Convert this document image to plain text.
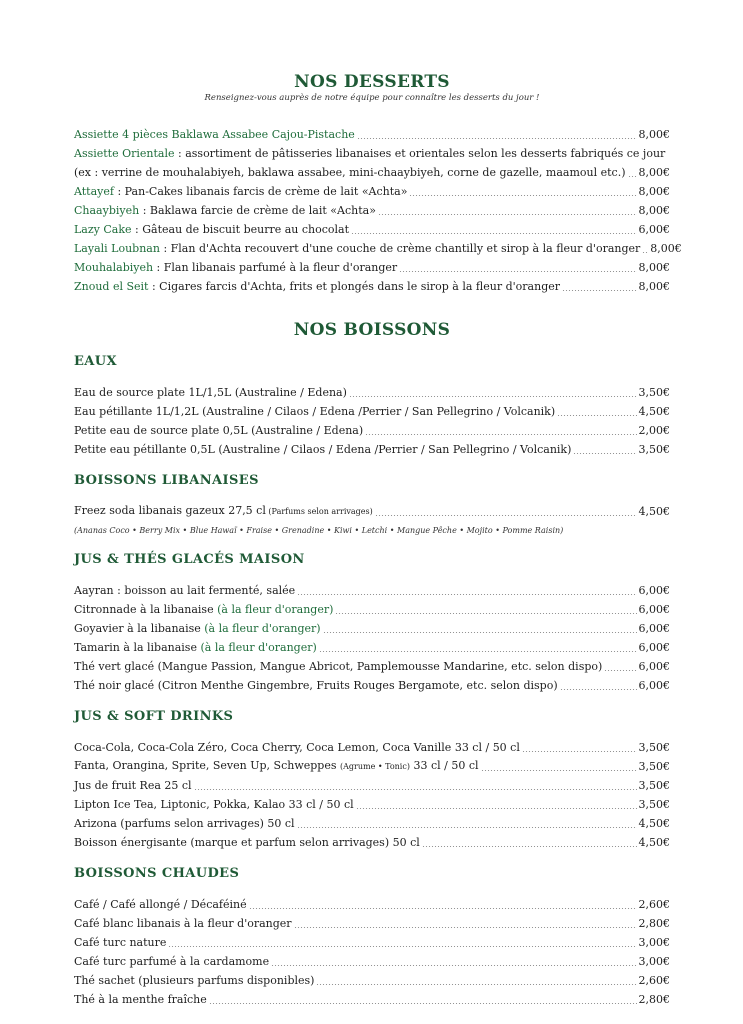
NOS DESSERTS

Renseignez-vous auprès de notre équipe pour connaître les desserts du jour !

Assiette 4 pièces Baklawa Assabee Cajou-Pistache	8,00€
Assiette Orientale : assortiment de pâtisseries libanaises et orientales selon les desserts fabriqués ce jour
(ex : verrine de mouhalabiyeh, baklawa assabee, mini-chaaybiyeh, corne de gazelle, maamoul etc.) 8,00€
Attayef : Pan-Cakes libanais farcis de crème de lait «Achta»	8,00€
Chaaybiyeh : Baklawa farcie de crème de lait «Achta»	8,00€
Lazy Cake : Gâteau de biscuit beurre au chocolat	6,00€
Layali Loubnan : Flan d'Achta recouvert d'une couche de crème chantilly et sirop à la fleur d'oranger 8,00€
Mouhalabiyeh : Flan libanais parfumé à la fleur d'oranger	8,00€
Znoud el Seit : Cigares farcis d'Achta, frits et plongés dans le sirop à la fleur d'oranger	8,00€
NOS BOISSONS
EAUX
Eau de source plate 1L/1,5L (Australine / Edena)	3,50€
Eau pétillante 1L/1,2L (Australine / Cilaos / Edena /Perrier / San Pellegrino / Volcanik)	4,50€
Petite eau de source plate 0,5L (Australine / Edena)	2,00€
Petite eau pétillante 0,5L (Australine / Cilaos / Edena /Perrier / San Pellegrino / Volcanik)	3,50€
BOISSONS LIBANAISES
Freez soda libanais gazeux 27,5 cl (Parfums selon arrivages)	4,50€

(Ananas Coco • Berry Mix • Blue Hawaï • Fraise • Grenadine • Kiwi • Letchi • Mangue Pêche • Mojito • Pomme Raisin)

JUS & THÉS GLACÉS MAISON
Aayran : boisson au lait fermenté, salée	6,00€
Citronnade à la libanaise (à la fleur d'oranger)	6,00€
Goyavier à la libanaise (à la fleur d'oranger)	6,00€
Tamarin à la libanaise (à la fleur d'oranger)	6,00€
Thé vert glacé (Mangue Passion, Mangue Abricot, Pamplemousse Mandarine, etc. selon dispo)	6,00€
Thé noir glacé (Citron Menthe Gingembre, Fruits Rouges Bergamote, etc. selon dispo)	6,00€
JUS & SOFT DRINKS
Coca-Cola, Coca-Cola Zéro, Coca Cherry, Coca Lemon, Coca Vanille 33 cl / 50 cl	3,50€
Fanta, Orangina, Sprite, Seven Up, Schweppes (Agrume • Tonic) 33 cl / 50 cl	3,50€
Jus de fruit Rea 25 cl	3,50€
Lipton Ice Tea, Liptonic, Pokka, Kalao 33 cl / 50 cl	3,50€
Arizona (parfums selon arrivages) 50 cl	4,50€
Boisson énergisante (marque et parfum selon arrivages) 50 cl	4,50€
BOISSONS CHAUDES
Café / Café allongé / Décaféiné	2,60€
Café blanc libanais à la fleur d'oranger	2,80€
Café turc nature	3,00€
Café turc parfumé à la cardamome	3,00€
Thé sachet (plusieurs parfums disponibles)	2,60€
Thé à la menthe fraîche	2,80€
